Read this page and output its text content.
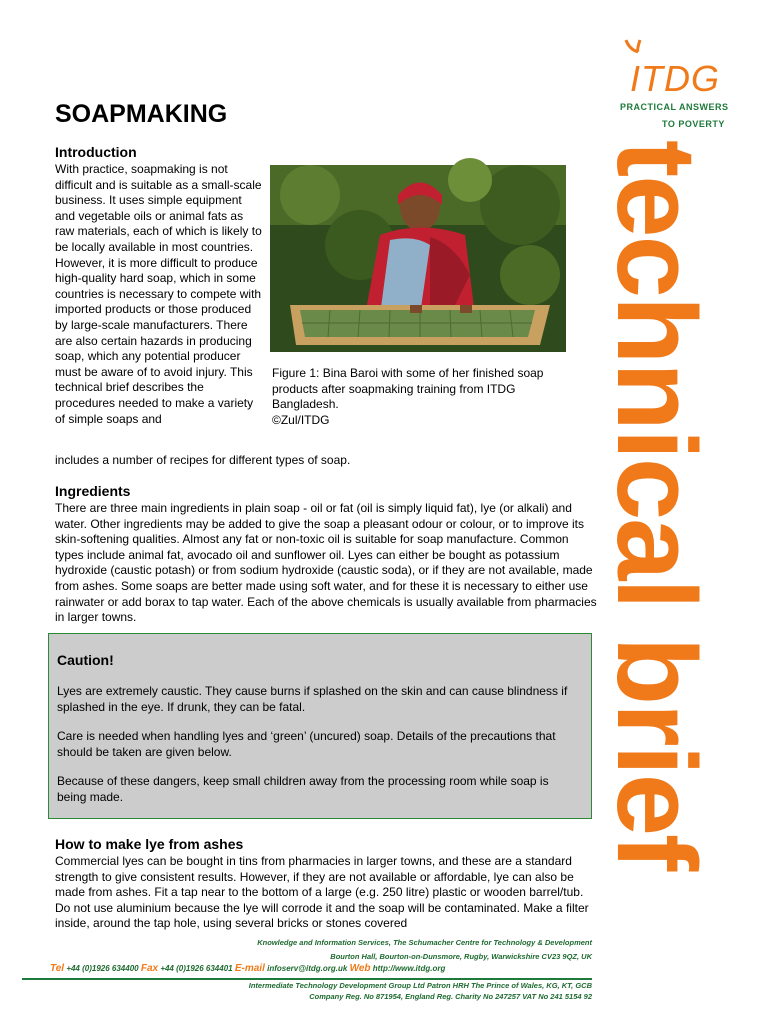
ITDG
PRACTICAL ANSWERS
TO POVERTY
technical brief
SOAPMAKING
Introduction

With practice, soapmaking is not difficult and is suitable as a small-scale business. It uses simple equipment and vegetable oils or animal fats as raw materials, each of which is likely to be locally available in most countries. However, it is more difficult to produce high-quality hard soap, which in some countries is necessary to compete with imported products or those produced by large-scale manufacturers. There are also certain hazards in producing soap, which any potential producer must be aware of to avoid injury. This technical brief describes the procedures needed to make a variety of simple soaps and

includes a number of recipes for different types of soap.

Figure 1: Bina Baroi with some of her finished soap products after soapmaking training from ITDG Bangladesh.
©Zul/ITDG
Ingredients

There are three main ingredients in plain soap - oil or fat (oil is simply liquid fat), lye (or alkali) and water. Other ingredients may be added to give the soap a pleasant odour or colour, or to improve its skin-softening qualities. Almost any fat or non-toxic oil is suitable for soap manufacture. Common types include animal fat, avocado oil and sunflower oil. Lyes can either be bought as potassium hydroxide (caustic potash) or from sodium hydroxide (caustic soda), or if they are not available, made from ashes. Some soaps are better made using soft water, and for these it is necessary to either use rainwater or add borax to tap water. Each of the above chemicals is usually available from pharmacies in larger towns.

Caution!

Lyes are extremely caustic. They cause burns if splashed on the skin and can cause blindness if splashed in the eye. If drunk, they can be fatal.

Care is needed when handling lyes and ‘green’ (uncured) soap. Details of the precautions that should be taken are given below.

Because of these dangers, keep small children away from the processing room while soap is being made.

How to make lye from ashes

Commercial lyes can be bought in tins from pharmacies in larger towns, and these are a standard strength to give consistent results. However, if they are not available or affordable, lye can also be made from ashes. Fit a tap near to the bottom of a large (e.g. 250 litre) plastic or wooden barrel/tub. Do not use aluminium because the lye will corrode it and the soap will be contaminated. Make a filter inside, around the tap hole, using several bricks or stones covered

Knowledge and Information Services, The Schumacher Centre for Technology & Development
Bourton Hall, Bourton-on-Dunsmore, Rugby, Warwickshire CV23 9QZ, UK
Tel +44 (0)1926 634400 Fax +44 (0)1926 634401 E-mail infoserv@itdg.org.uk Web http://www.itdg.org
Intermediate Technology Development Group Ltd Patron HRH The Prince of Wales, KG, KT, GCB
Company Reg. No 871954, England Reg. Charity No 247257 VAT No 241 5154 92
